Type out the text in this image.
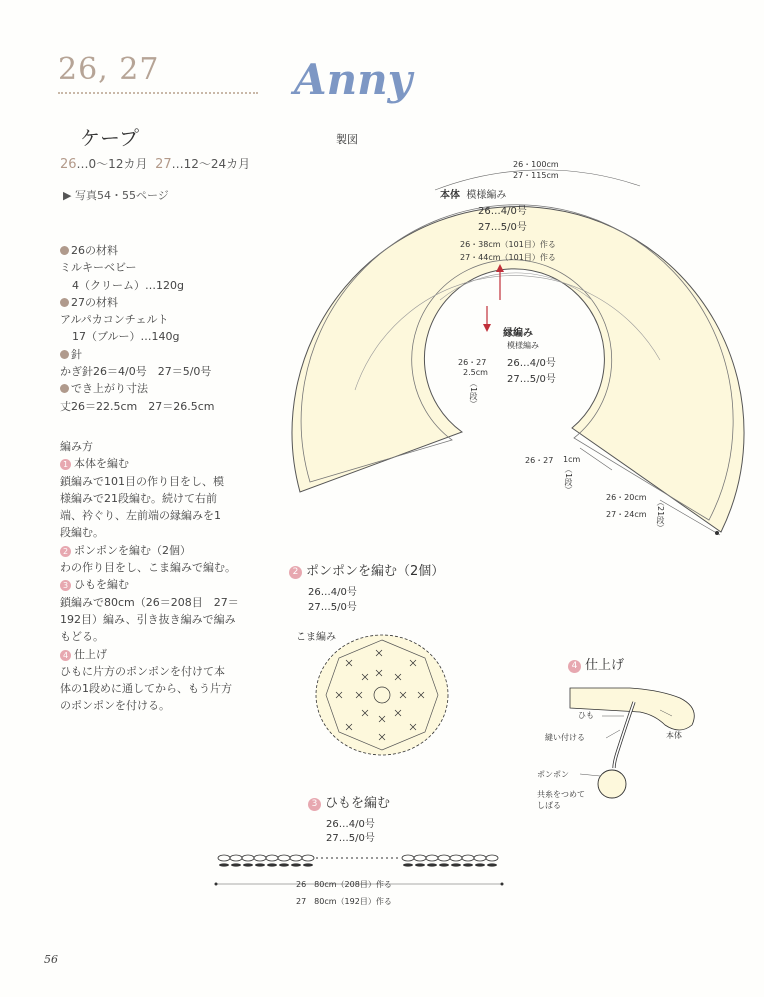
26, 27	Anny
ケープ
26…0～12カ月 27…12～24カ月
▶ 写真54・55ページ
26の材料
ミルキーベビー
4（クリーム）…120g
27の材料
アルパカコンチェルト
17（ブルー）…140g
針
かぎ針26＝4/0号　27＝5/0号
でき上がり寸法
丈26＝22.5cm　27＝26.5cm
編み方
1 本体を編む
鎖編みで101目の作り目をし、模
様編みで21段編む。続けて右前
端、衿ぐり、左前端の縁編みを1
段編む。
2 ポンポンを編む（2個）
わの作り目をし、こま編みで編む。
3 ひもを編む
鎖編みで80cm（26＝208目　27＝
192目）編み、引き抜き編みで編み
もどる。
4 仕上げ
ひもに片方のポンポンを付けて本
体の1段めに通してから、もう片方
のポンポンを付ける。
製図
26・100cm
27・115cm
本体 模様編み
26…4/0号
27…5/0号
26・38cm（101目）作る
27・44cm（101目）作る
縁編み
模様編み
26…4/0号
27…5/0号
26・27
2.5cm
（1段）
26・27 1cm
（1段）
26・20cm
27・24cm （21段）
2 ポンポンを編む（2個）
26…4/0号
27…5/0号
こま編み
3 ひもを編む
26…4/0号
27…5/0号
26　80cm（208目）作る
27　80cm（192目）作る
4 仕上げ
ひも
縫い付ける	本体
ポンポン
共糸をつめて
しばる
56
